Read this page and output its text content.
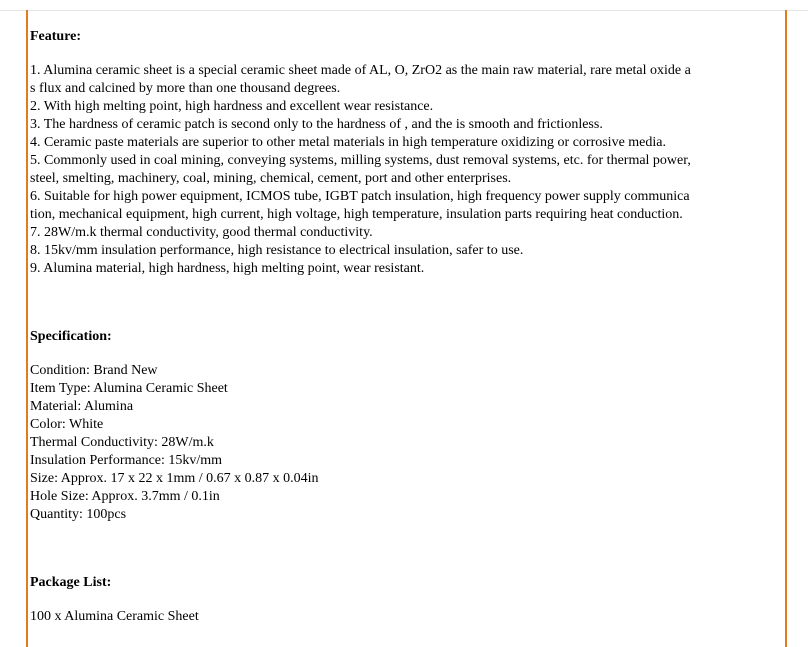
Feature:

1. Alumina ceramic sheet is a special ceramic sheet made of AL, O, ZrO2 as the main raw material, rare metal oxide a

s flux and calcined by more than one thousand degrees.

2. With high melting point, high hardness and excellent wear resistance.

3. The hardness of ceramic patch is second only to the hardness of , and the is smooth and frictionless.

4. Ceramic paste materials are superior to other metal materials in high temperature oxidizing or corrosive media.

5. Commonly used in coal mining, conveying systems, milling systems, dust removal systems, etc. for thermal power,

steel, smelting, machinery, coal, mining, chemical, cement, port and other enterprises.

6. Suitable for high power equipment, ICMOS tube, IGBT patch insulation, high frequency power supply communica

tion, mechanical equipment, high current, high voltage, high temperature, insulation parts requiring heat conduction.

7. 28W/m.k thermal conductivity, good thermal conductivity.

8. 15kv/mm insulation performance, high resistance to electrical insulation, safer to use.

9. Alumina material, high hardness, high melting point, wear resistant.

Specification:

Condition: Brand New

Item Type: Alumina Ceramic Sheet

Material: Alumina

Color: White

Thermal Conductivity: 28W/m.k

Insulation Performance: 15kv/mm

Size: Approx. 17 x 22 x 1mm / 0.67 x 0.87 x 0.04in

Hole Size: Approx. 3.7mm / 0.1in

Quantity: 100pcs

Package List:

100 x Alumina Ceramic Sheet
